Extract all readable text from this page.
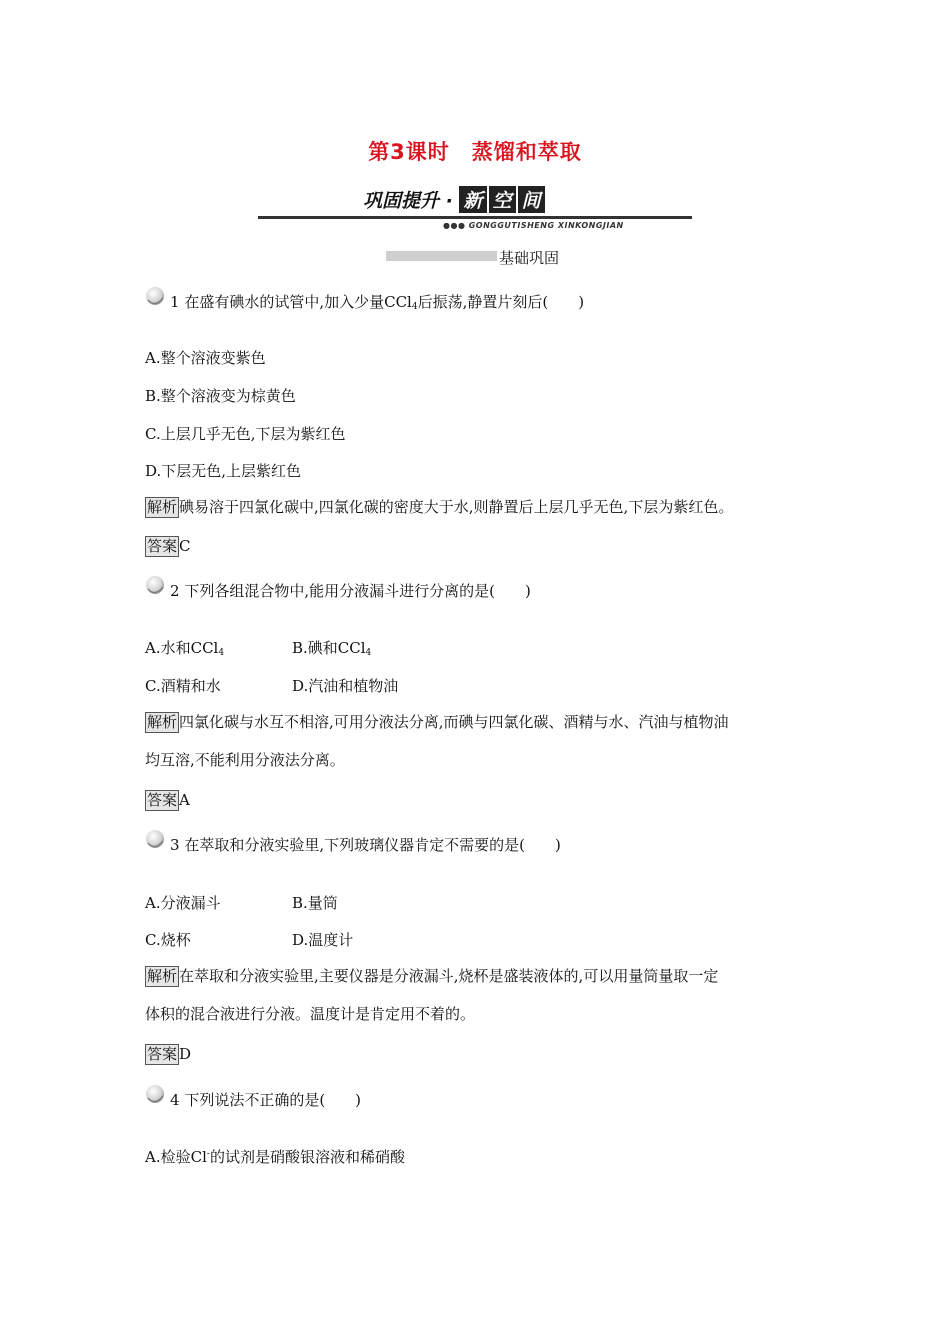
第3课时　蒸馏和萃取
巩固提升 · 新 空 间
●●● GONGGUTISHENG XINKONGJIAN
基础巩固
1 在盛有碘水的试管中,加入少量CCl$_4$后振荡,静置片刻后(　　)
A.整个溶液变紫色
B.整个溶液变为棕黄色
C.上层几乎无色,下层为紫红色
D.下层无色,上层紫红色
解析 碘易溶于四氯化碳中,四氯化碳的密度大于水,则静置后上层几乎无色,下层为紫红色。
答案 C
2 下列各组混合物中,能用分液漏斗进行分离的是(　　)
A.水和CCl$_4$	B.碘和CCl$_4$
C.酒精和水	D.汽油和植物油
解析 四氯化碳与水互不相溶,可用分液法分离,而碘与四氯化碳、酒精与水、汽油与植物油
均互溶,不能利用分液法分离。
答案 A
3 在萃取和分液实验里,下列玻璃仪器肯定不需要的是(　　)
A.分液漏斗	B.量筒
C.烧杯	D.温度计
解析 在萃取和分液实验里,主要仪器是分液漏斗,烧杯是盛装液体的,可以用量筒量取一定
体积的混合液进行分液。温度计是肯定用不着的。
答案 D
4 下列说法不正确的是(　　)
A.检验Cl-的试剂是硝酸银溶液和稀硝酸
